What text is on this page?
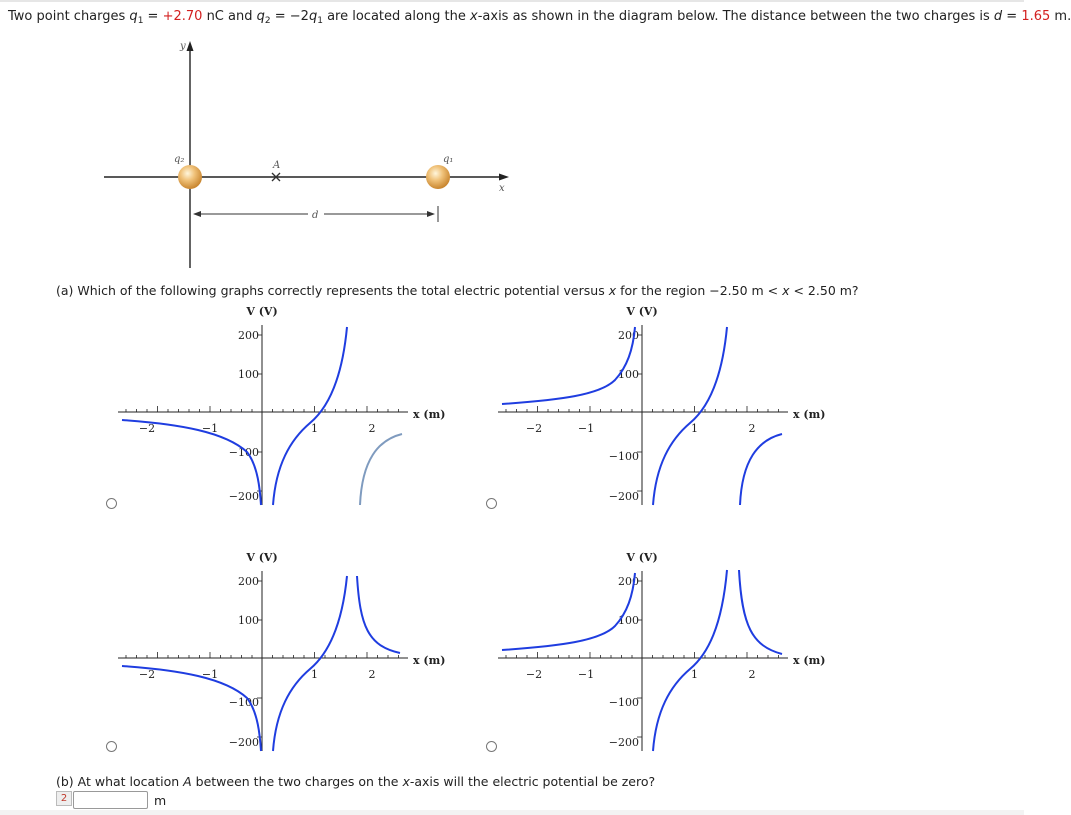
Two point charges $q_1 = +2.70$ nC and $q_2 = -2q_1$ are located along the x-axis as shown in the diagram below. The distance between the two charges is d = 1.65 m.
y
x
q₂	q₁
A
d
(a) Which of the following graphs correctly represents the total electric potential versus x for the region −2.50 m < x < 2.50 m?
V (V)
x (m)
−2	−1	1	2
200
100
−100
−200
V (V)
x (m)
−2	−1	1	2
200
100
−100
−200
V (V)
x (m)
−2	−1	1	2
200
100
−100
−200
V (V)
x (m)
−2	−1	1	2
200
100
−100
−200
(b) At what location A between the two charges on the x-axis will the electric potential be zero?
2	m
